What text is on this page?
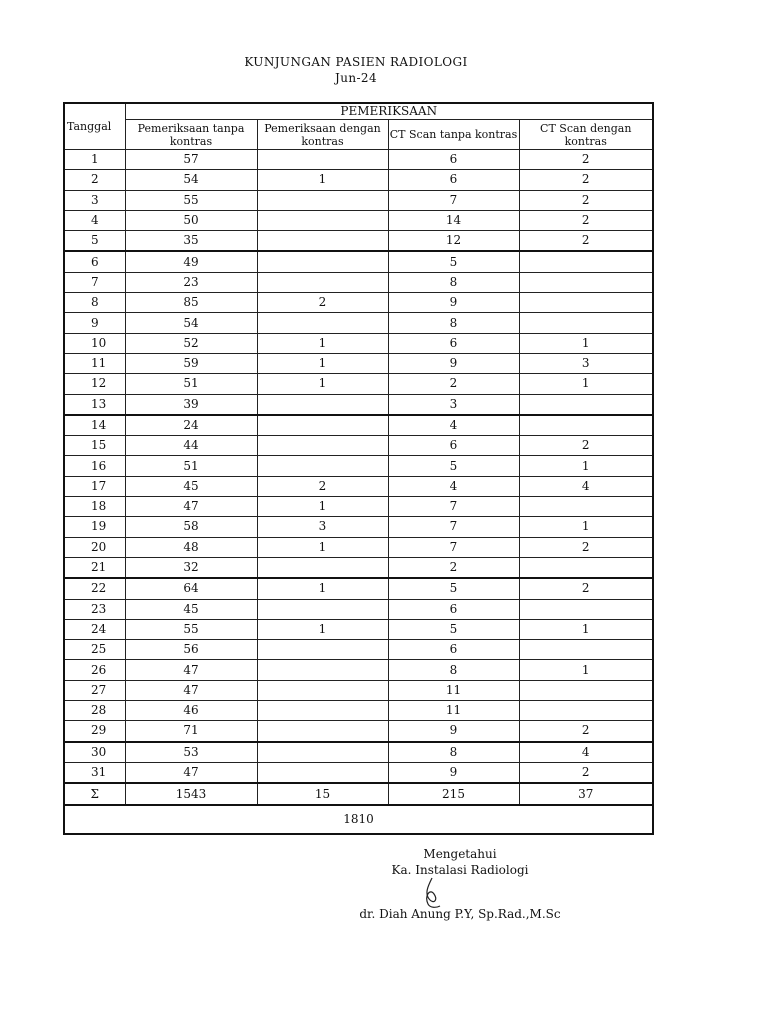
KUNJUNGAN PASIEN RADIOLOGI
Jun-24
Tanggal	PEMERIKSAAN			
	Pemeriksaan tanpa kontras	Pemeriksaan dengan kontras	CT Scan tanpa kontras	CT Scan dengan kontras
1	57		6	2
2	54	1	6	2
3	55		7	2
4	50		14	2
5	35		12	2
6	49		5	
7	23		8	
8	85	2	9	
9	54		8	
10	52	1	6	1
11	59	1	9	3
12	51	1	2	1
13	39		3	
14	24		4	
15	44		6	2
16	51		5	1
17	45	2	4	4
18	47	1	7	
19	58	3	7	1
20	48	1	7	2
21	32		2	
22	64	1	5	2
23	45		6	
24	55	1	5	1
25	56		6	
26	47		8	1
27	47		11	
28	46		11	
29	71		9	2
30	53		8	4
31	47		9	2
Σ	1543	15	215	37
1810				
Mengetahui
Ka. Instalasi Radiologi
dr. Diah Anung P.Y, Sp.Rad.,M.Sc
